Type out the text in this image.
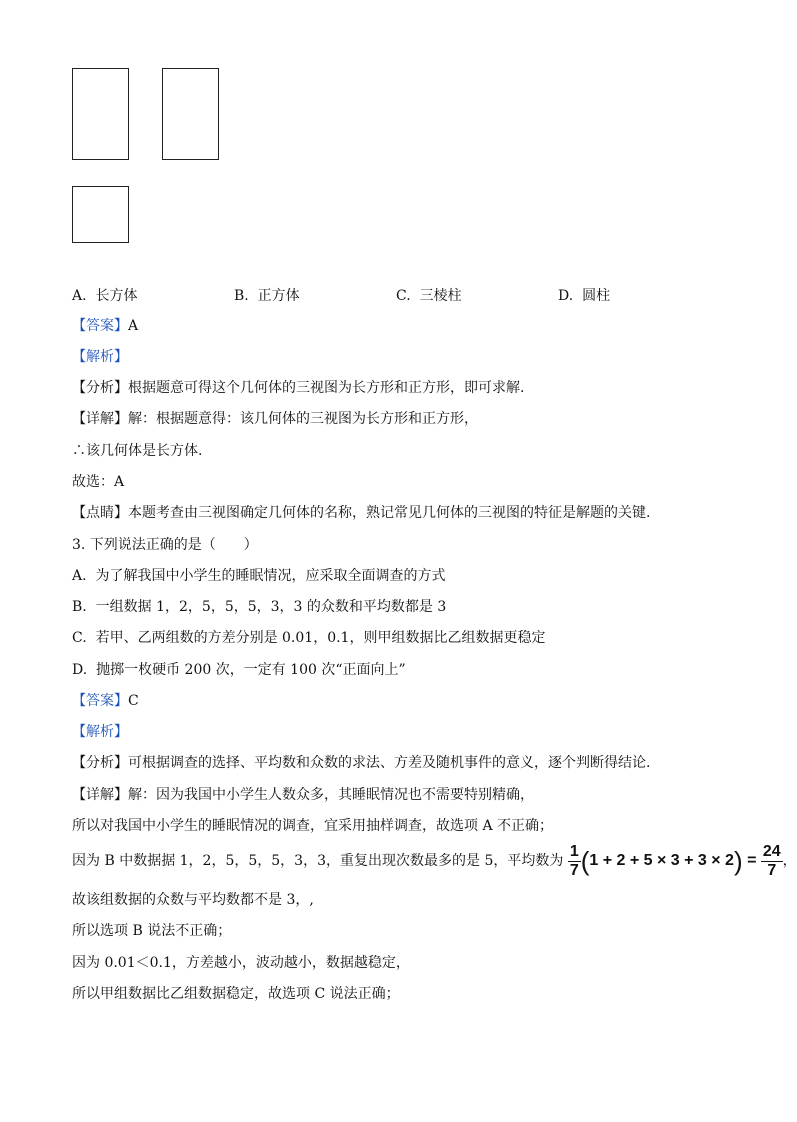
A. 长方体	B. 正方体	C. 三棱柱	D. 圆柱
【答案】A
【解析】
【分析】根据题意可得这个几何体的三视图为长方形和正方形，即可求解.
【详解】解：根据题意得：该几何体的三视图为长方形和正方形，
∴该几何体是长方体.
故选：A
【点睛】本题考查由三视图确定几何体的名称，熟记常见几何体的三视图的特征是解题的关键.
3. 下列说法正确的是（　　）
A. 为了解我国中小学生的睡眠情况，应采取全面调查的方式
B. 一组数据 1，2，5，5，5，3，3 的众数和平均数都是 3
C. 若甲、乙两组数的方差分别是 0.01，0.1，则甲组数据比乙组数据更稳定
D. 抛掷一枚硬币 200 次，一定有 100 次“正面向上”
【答案】C
【解析】
【分析】可根据调查的选择、平均数和众数的求法、方差及随机事件的意义，逐个判断得结论.
【详解】解：因为我国中小学生人数众多，其睡眠情况也不需要特别精确，
所以对我国中小学生的睡眠情况的调查，宜采用抽样调查，故选项 A 不正确；
因为 B 中数据据 1，2，5，5，5，3，3，重复出现次数最多的是 5，平均数为 $\frac{1}{7} (1 + 2 + 5 \times 3 + 3 \times 2) = \frac{24}{7}$ ，
故该组数据的众数与平均数都不是 3，,
所以选项 B 说法不正确；
因为 0.01＜0.1，方差越小，波动越小，数据越稳定，
所以甲组数据比乙组数据稳定，故选项 C 说法正确；
